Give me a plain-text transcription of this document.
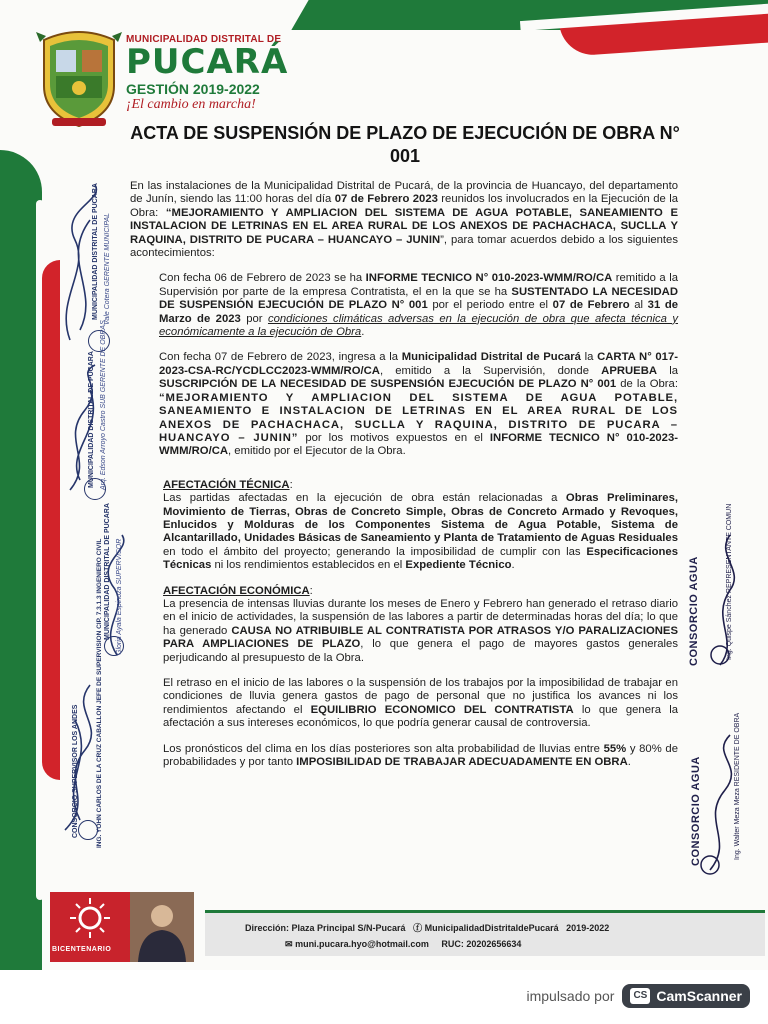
MUNICIPALIDAD DISTRITAL DE
PUCARÁ
GESTIÓN 2019-2022
¡El cambio en marcha!
ACTA DE SUSPENSIÓN DE PLAZO DE EJECUCIÓN DE OBRA N° 001

En las instalaciones de la Municipalidad Distrital de Pucará, de la provincia de Huancayo, del departamento de Junín, siendo las 11:00 horas del día 07 de Febrero 2023 reunidos los involucrados en la Ejecución de la Obra: “MEJORAMIENTO Y AMPLIACION DEL SISTEMA DE AGUA POTABLE, SANEAMIENTO E INSTALACION DE LETRINAS EN EL AREA RURAL DE LOS ANEXOS DE PACHACHACA, SUCLLA Y RAQUINA, DISTRITO DE PUCARA – HUANCAYO – JUNIN”, para tomar acuerdos debido a los siguientes acontecimientos:

Con fecha 06 de Febrero de 2023 se ha INFORME TECNICO N° 010-2023-WMM/RO/CA remitido a la Supervisión por parte de la empresa Contratista, el en la que se ha SUSTENTADO LA NECESIDAD DE SUSPENSIÓN EJECUCIÓN DE PLAZO N° 001 por el periodo entre el 07 de Febrero al 31 de Marzo de 2023 por condiciones climáticas adversas en la ejecución de obra que afecta técnica y económicamente a la ejecución de Obra.

Con fecha 07 de Febrero de 2023, ingresa a la Municipalidad Distrital de Pucará la CARTA N° 017-2023-CSA-RC/YCDLCC2023-WMM/RO/CA, emitido a la Supervisión, donde APRUEBA la SUSCRIPCIÓN DE LA NECESIDAD DE SUSPENSIÓN EJECUCIÓN DE PLAZO N° 001 de la Obra: “MEJORAMIENTO Y AMPLIACION DEL SISTEMA DE AGUA POTABLE, SANEAMIENTO E INSTALACION DE LETRINAS EN EL AREA RURAL DE LOS ANEXOS DE PACHACHACA, SUCLLA Y RAQUINA, DISTRITO DE PUCARA – HUANCAYO – JUNIN” por los motivos expuestos en el INFORME TECNICO N° 010-2023-WMM/RO/CA, emitido por el Ejecutor de la Obra.

AFECTACIÓN TÉCNICA:
Las partidas afectadas en la ejecución de obra están relacionadas a Obras Preliminares, Movimiento de Tierras, Obras de Concreto Simple, Obras de Concreto Armado y Revoques, Enlucidos y Molduras de los Componentes Sistema de Agua Potable, Sistema de Alcantarillado, Unidades Básicas de Saneamiento y Planta de Tratamiento de Aguas Residuales en todo el ámbito del proyecto; generando la imposibilidad de cumplir con las Especificaciones Técnicas ni los rendimientos establecidos en el Expediente Técnico.

AFECTACIÓN ECONÓMICA:
La presencia de intensas lluvias durante los meses de Enero y Febrero han generado el retraso diario en el inicio de actividades, la suspensión de las labores a partir de determinadas horas del día; lo que ha generado CAUSA NO ATRIBUIBLE AL CONTRATISTA POR ATRASOS Y/O PARALIZACIONES PARA AMPLIACIONES DE PLAZO, lo que genera el pago de mayores gastos generales perjudicando al presupuesto de la Obra.

El retraso en el inicio de las labores o la suspensión de los trabajos por la imposibilidad de trabajar en condiciones de lluvia genera gastos de pago de personal que no justifica los avances ni los rendimientos afectando el EQUILIBRIO ECONOMICO DEL CONTRATISTA lo que genera la afectación a sus intereses económicos, lo que podría generar causal de controversia.

Los pronósticos del clima en los días posteriores son alta probabilidad de lluvias entre 55% y 80% de probabilidades y por tanto IMPOSIBILIDAD DE TRABAJAR ADECUADAMENTE EN OBRA.

MUNICIPALIDAD DISTRITAL DE PUCARA Vale Cotera GERENTE MUNICIPAL
MUNICIPALIDAD DISTRITAL DE PUCARA Arq. Edson Arroyo Castro SUB GERENTE DE OBRAS
MUNICIPALIDAD DISTRITAL DE PUCARA Gloria Ayala Espinoza SUPERVISOR
CONSORCIO SUPERVISOR LOS ANDES	ING. YOHN CARLOS DE LA CRUZ CABALLON JEFE DE SUPERVISION CIP. 7.3.1.3 INGENIERO CIVIL	CONSORCIO AGUA	Ing. Quispe Sánchez REPRESENTANTE COMUN
CONSORCIO AGUA	Ing. Walter Meza Meza RESIDENTE DE OBRA
BICENTENARIO
Dirección: Plaza Principal S/N-Pucará ⓕ MunicipalidadDistritaldePucará 2019-2022
✉ muni.pucara.hyo@hotmail.com RUC: 20202656634
impulsado por	CS CamScanner
